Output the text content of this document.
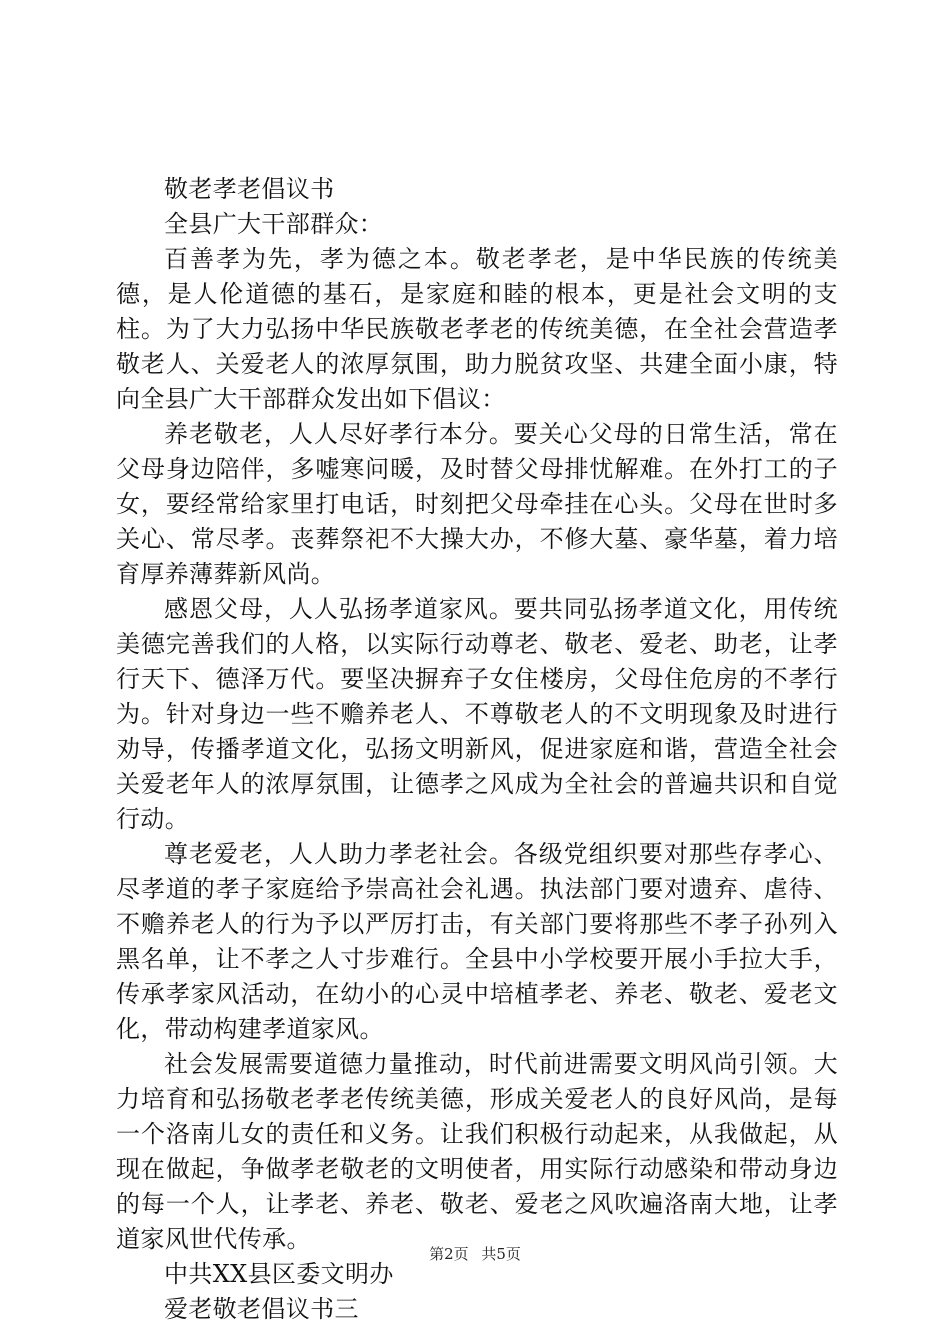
敬老孝老倡议书

全县广大干部群众：

百善孝为先，孝为德之本。敬老孝老，是中华民族的传统美德，是人伦道德的基石，是家庭和睦的根本，更是社会文明的支柱。为了大力弘扬中华民族敬老孝老的传统美德，在全社会营造孝敬老人、关爱老人的浓厚氛围，助力脱贫攻坚、共建全面小康，特向全县广大干部群众发出如下倡议：

养老敬老，人人尽好孝行本分。要关心父母的日常生活，常在父母身边陪伴，多嘘寒问暖，及时替父母排忧解难。在外打工的子女，要经常给家里打电话，时刻把父母牵挂在心头。父母在世时多关心、常尽孝。丧葬祭祀不大操大办，不修大墓、豪华墓，着力培育厚养薄葬新风尚。

感恩父母，人人弘扬孝道家风。要共同弘扬孝道文化，用传统美德完善我们的人格，以实际行动尊老、敬老、爱老、助老，让孝行天下、德泽万代。要坚决摒弃子女住楼房，父母住危房的不孝行为。针对身边一些不赡养老人、不尊敬老人的不文明现象及时进行劝导，传播孝道文化，弘扬文明新风，促进家庭和谐，营造全社会关爱老年人的浓厚氛围，让德孝之风成为全社会的普遍共识和自觉行动。

尊老爱老，人人助力孝老社会。各级党组织要对那些存孝心、尽孝道的孝子家庭给予崇高社会礼遇。执法部门要对遗弃、虐待、不赡养老人的行为予以严厉打击，有关部门要将那些不孝子孙列入黑名单，让不孝之人寸步难行。全县中小学校要开展小手拉大手，传承孝家风活动，在幼小的心灵中培植孝老、养老、敬老、爱老文化，带动构建孝道家风。

社会发展需要道德力量推动，时代前进需要文明风尚引领。大力培育和弘扬敬老孝老传统美德，形成关爱老人的良好风尚，是每一个洛南儿女的责任和义务。让我们积极行动起来，从我做起，从现在做起，争做孝老敬老的文明使者，用实际行动感染和带动身边的每一个人，让孝老、养老、敬老、爱老之风吹遍洛南大地，让孝道家风世代传承。

中共XX县区委文明办

爱老敬老倡议书三

第2页 共5页
